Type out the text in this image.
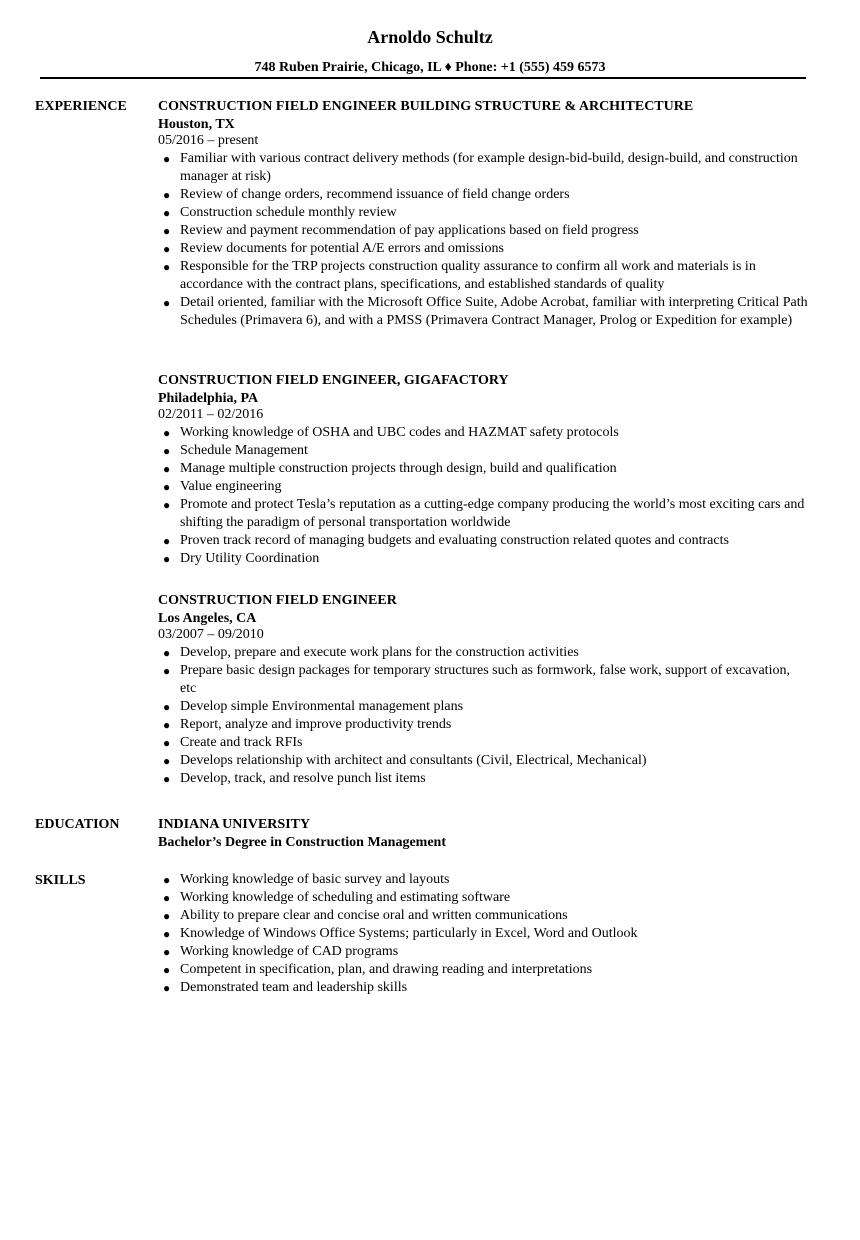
Arnoldo Schultz
748 Ruben Prairie, Chicago, IL ♦ Phone: +1 (555) 459 6573
EXPERIENCE CONSTRUCTION FIELD ENGINEER BUILDING STRUCTURE & ARCHITECTURE
Houston, TX
05/2016 – present
● Familiar with various contract delivery methods (for example design-bid-build, design-build, and construction manager at risk)
● Review of change orders, recommend issuance of field change orders
● Construction schedule monthly review
● Review and payment recommendation of pay applications based on field progress
● Review documents for potential A/E errors and omissions
● Responsible for the TRP projects construction quality assurance to confirm all work and materials is in accordance with the contract plans, specifications, and established standards of quality
● Detail oriented, familiar with the Microsoft Office Suite, Adobe Acrobat, familiar with interpreting Critical Path Schedules (Primavera 6), and with a PMSS (Primavera Contract Manager, Prolog or Expedition for example)
CONSTRUCTION FIELD ENGINEER, GIGAFACTORY
Philadelphia, PA
02/2011 – 02/2016
● Working knowledge of OSHA and UBC codes and HAZMAT safety protocols
● Schedule Management
● Manage multiple construction projects through design, build and qualification
● Value engineering
● Promote and protect Tesla’s reputation as a cutting-edge company producing the world’s most exciting cars and shifting the paradigm of personal transportation worldwide
● Proven track record of managing budgets and evaluating construction related quotes and contracts
● Dry Utility Coordination
CONSTRUCTION FIELD ENGINEER
Los Angeles, CA
03/2007 – 09/2010
● Develop, prepare and execute work plans for the construction activities
● Prepare basic design packages for temporary structures such as formwork, false work, support of excavation, etc
● Develop simple Environmental management plans
● Report, analyze and improve productivity trends
● Create and track RFIs
● Develops relationship with architect and consultants (Civil, Electrical, Mechanical)
● Develop, track, and resolve punch list items
EDUCATION	INDIANA UNIVERSITY
Bachelor’s Degree in Construction Management
SKILLS	● Working knowledge of basic survey and layouts
● Working knowledge of scheduling and estimating software
● Ability to prepare clear and concise oral and written communications
● Knowledge of Windows Office Systems; particularly in Excel, Word and Outlook
● Working knowledge of CAD programs
● Competent in specification, plan, and drawing reading and interpretations
● Demonstrated team and leadership skills
